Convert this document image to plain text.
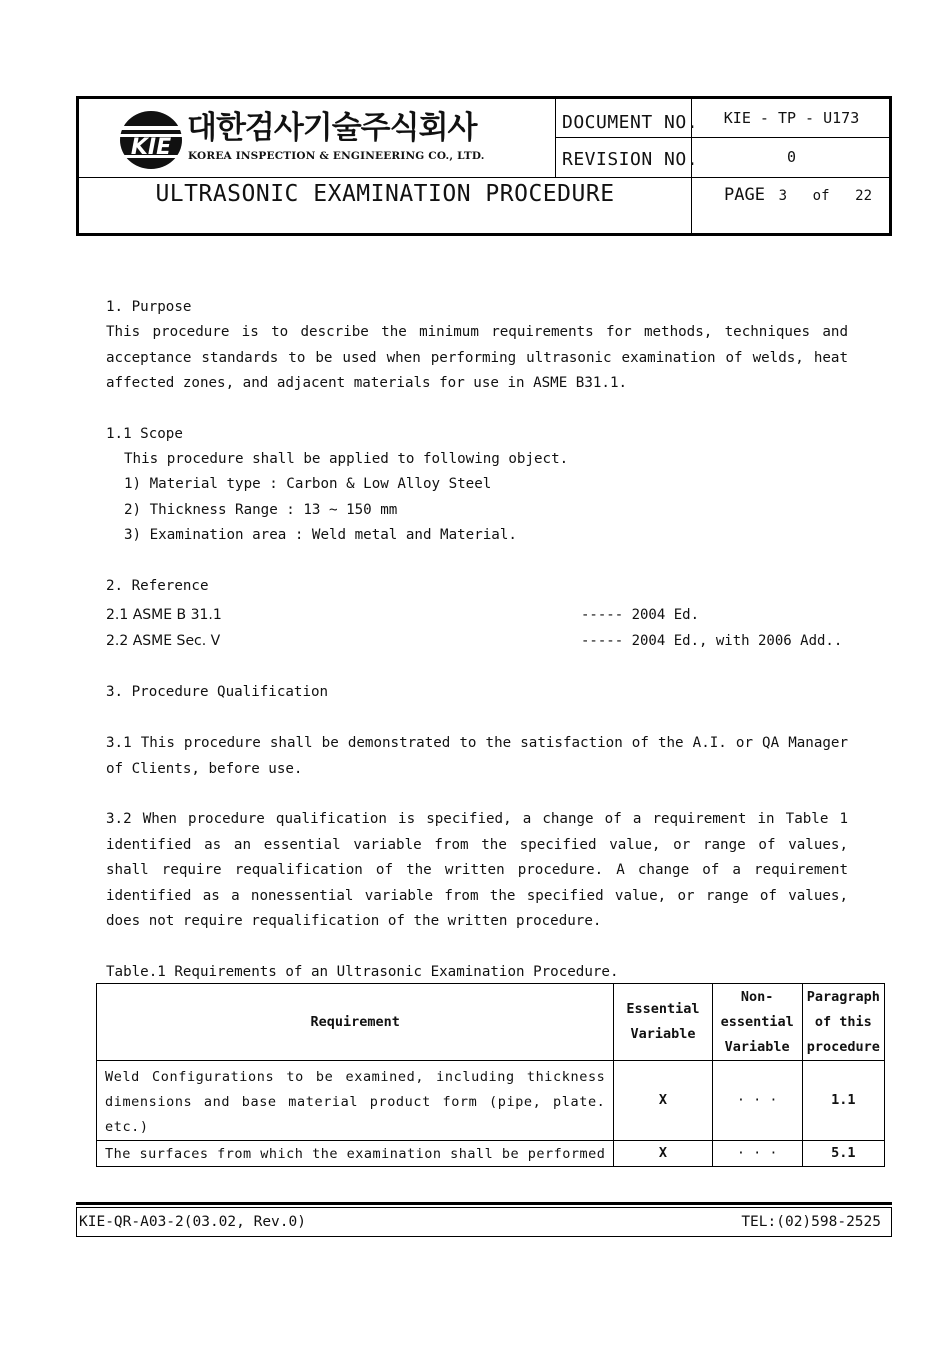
KIE
대한검사기술주식회사
KOREA INSPECTION & ENGINEERING CO., LTD.
DOCUMENT NO.	KIE - TP - U173
REVISION NO.	0
ULTRASONIC EXAMINATION PROCEDURE	PAGE 3 of 22
1. Purpose
This procedure is to describe the minimum requirements for methods, techniques and acceptance standards to be used when performing ultrasonic examination of welds, heat affected zones, and adjacent materials for use in ASME B31.1.
1.1 Scope
This procedure shall be applied to following object.
1) Material type : Carbon & Low Alloy Steel
2) Thickness Range : 13 ~ 150 mm
3) Examination area : Weld metal and Material.
2. Reference
2.1 ASME B 31.1	----- 2004 Ed.
2.2 ASME Sec. V	----- 2004 Ed., with 2006 Add..
3. Procedure Qualification
3.1 This procedure shall be demonstrated to the satisfaction of the A.I. or QA Manager of Clients, before use.
3.2 When procedure qualification is specified, a change of a requirement in Table 1 identified as an essential variable from the specified value, or range of values, shall require requalification of the written procedure. A change of a requirement identified as a nonessential variable from the specified value, or range of values, does not require requalification of the written procedure.
Table.1 Requirements of an Ultrasonic Examination Procedure.
Requirement	Essential Variable	Non- essential Variable	Paragraph of this procedure
Weld Configurations to be examined, including thickness dimensions and base material product form (pipe, plate. etc.)	X	· · ·	1.1
The surfaces from which the examination shall be performed	X	· · ·	5.1
KIE-QR-A03-2(03.02, Rev.0)	TEL:(02)598-2525
